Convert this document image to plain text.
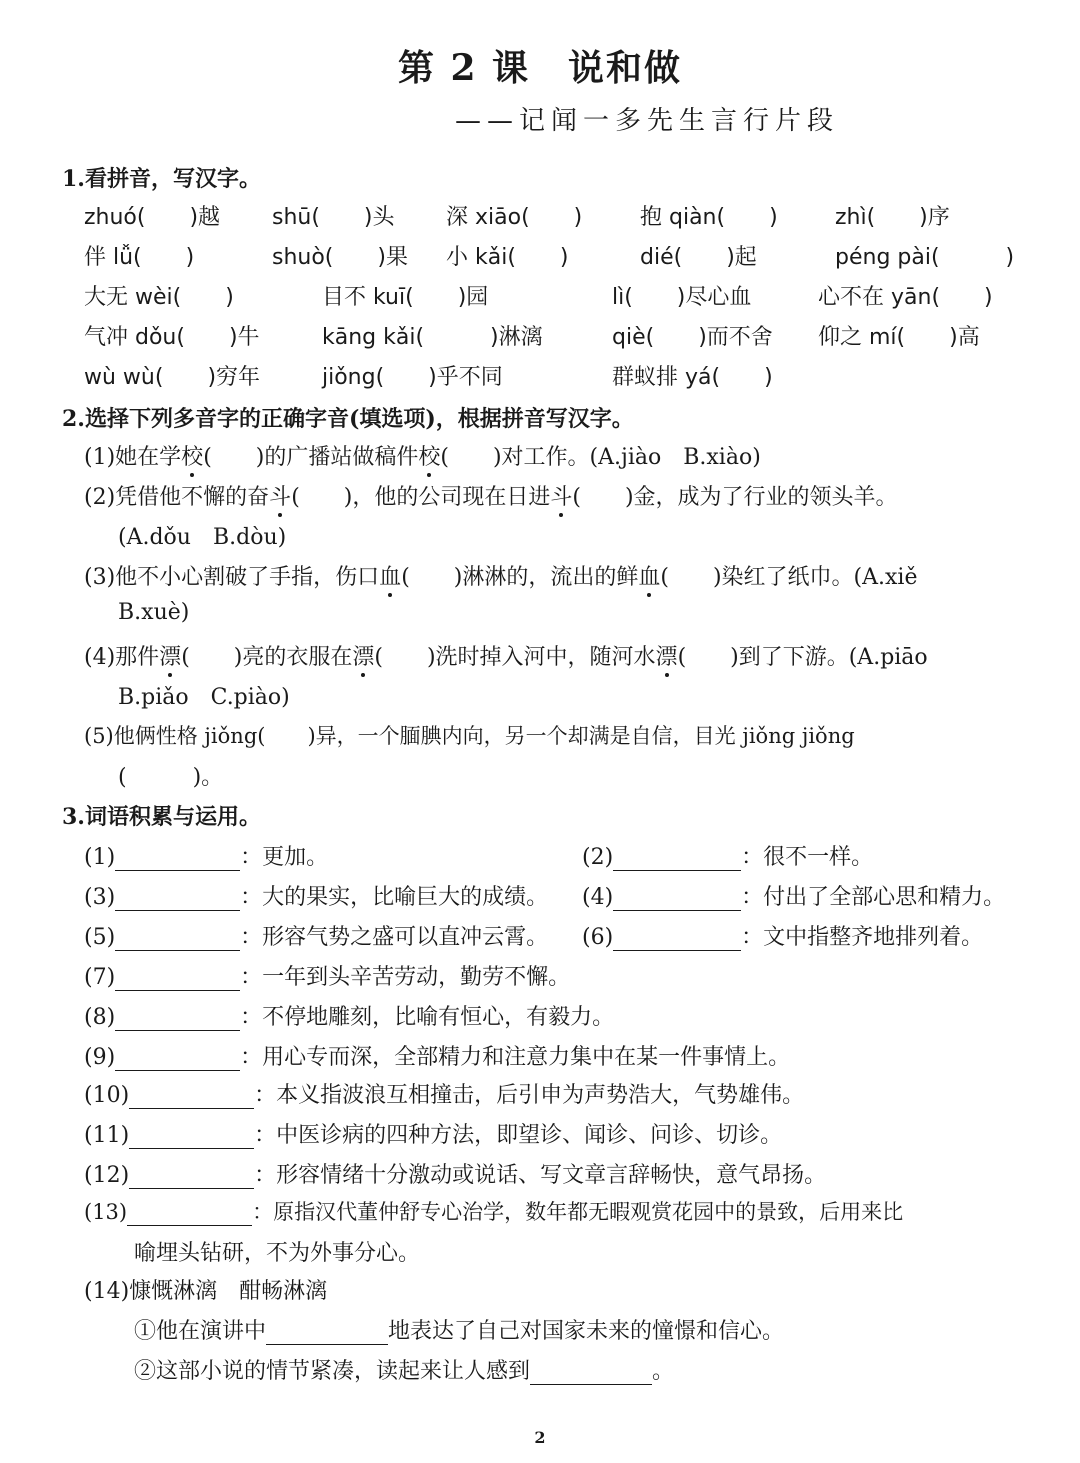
第 2 课　说和做
——记闻一多先生言行片段
1.看拼音，写汉字。
zhuó(　　)越 shū(　　)头 深 xiāo(　　)	抱 qiàn(　　)	zhì(　　)序
伴 lǚ(　　)	shuò(　　)果 小 kǎi(　　)	dié(　　)起	péng pài(　　　)
大无 wèi(　　)	目不 kuī(　　)园	lì(　　)尽心血	心不在 yān(　　)
气冲 dǒu(　　)牛	kāng kǎi(　　　)淋漓	qiè(　　)而不舍 仰之 mí(　　)高
wù wù(　　)穷年	jiǒng(　　)乎不同	群蚁排 yá(　　)
2.选择下列多音字的正确字音(填选项)，根据拼音写汉字。
(1)她在学校(　　)的广播站做稿件校(　　)对工作。(A.jiào　B.xiào)
(2)凭借他不懈的奋斗(　　)，他的公司现在日进斗(　　)金，成为了行业的领头羊。
(A.dǒu　B.dòu)
(3)他不小心割破了手指，伤口血(　　)淋淋的，流出的鲜血(　　)染红了纸巾。(A.xiě
B.xuè)
(4)那件漂(　　)亮的衣服在漂(　　)洗时掉入河中，随河水漂(　　)到了下游。(A.piāo
B.piǎo　C.piào)
(5)他俩性格 jiǒng(　　)异，一个腼腆内向，另一个却满是自信，目光 jiǒng jiǒng
(　　　)。
3.词语积累与运用。
(1)	：更加。	(2)	：很不一样。
(3)	：大的果实，比喻巨大的成绩。 (4)	：付出了全部心思和精力。
(5)	：形容气势之盛可以直冲云霄。 (6)	：文中指整齐地排列着。
(7)	：一年到头辛苦劳动，勤劳不懈。
(8)	：不停地雕刻，比喻有恒心，有毅力。
(9)	：用心专而深，全部精力和注意力集中在某一件事情上。
(10)	：本义指波浪互相撞击，后引申为声势浩大，气势雄伟。
(11)	：中医诊病的四种方法，即望诊、闻诊、问诊、切诊。
(12)	：形容情绪十分激动或说话、写文章言辞畅快，意气昂扬。
(13)	：原指汉代董仲舒专心治学，数年都无暇观赏花园中的景致，后用来比
喻埋头钻研，不为外事分心。
(14)慷慨淋漓　酣畅淋漓
①他在演讲中	地表达了自己对国家未来的憧憬和信心。
②这部小说的情节紧凑，读起来让人感到	。
2
